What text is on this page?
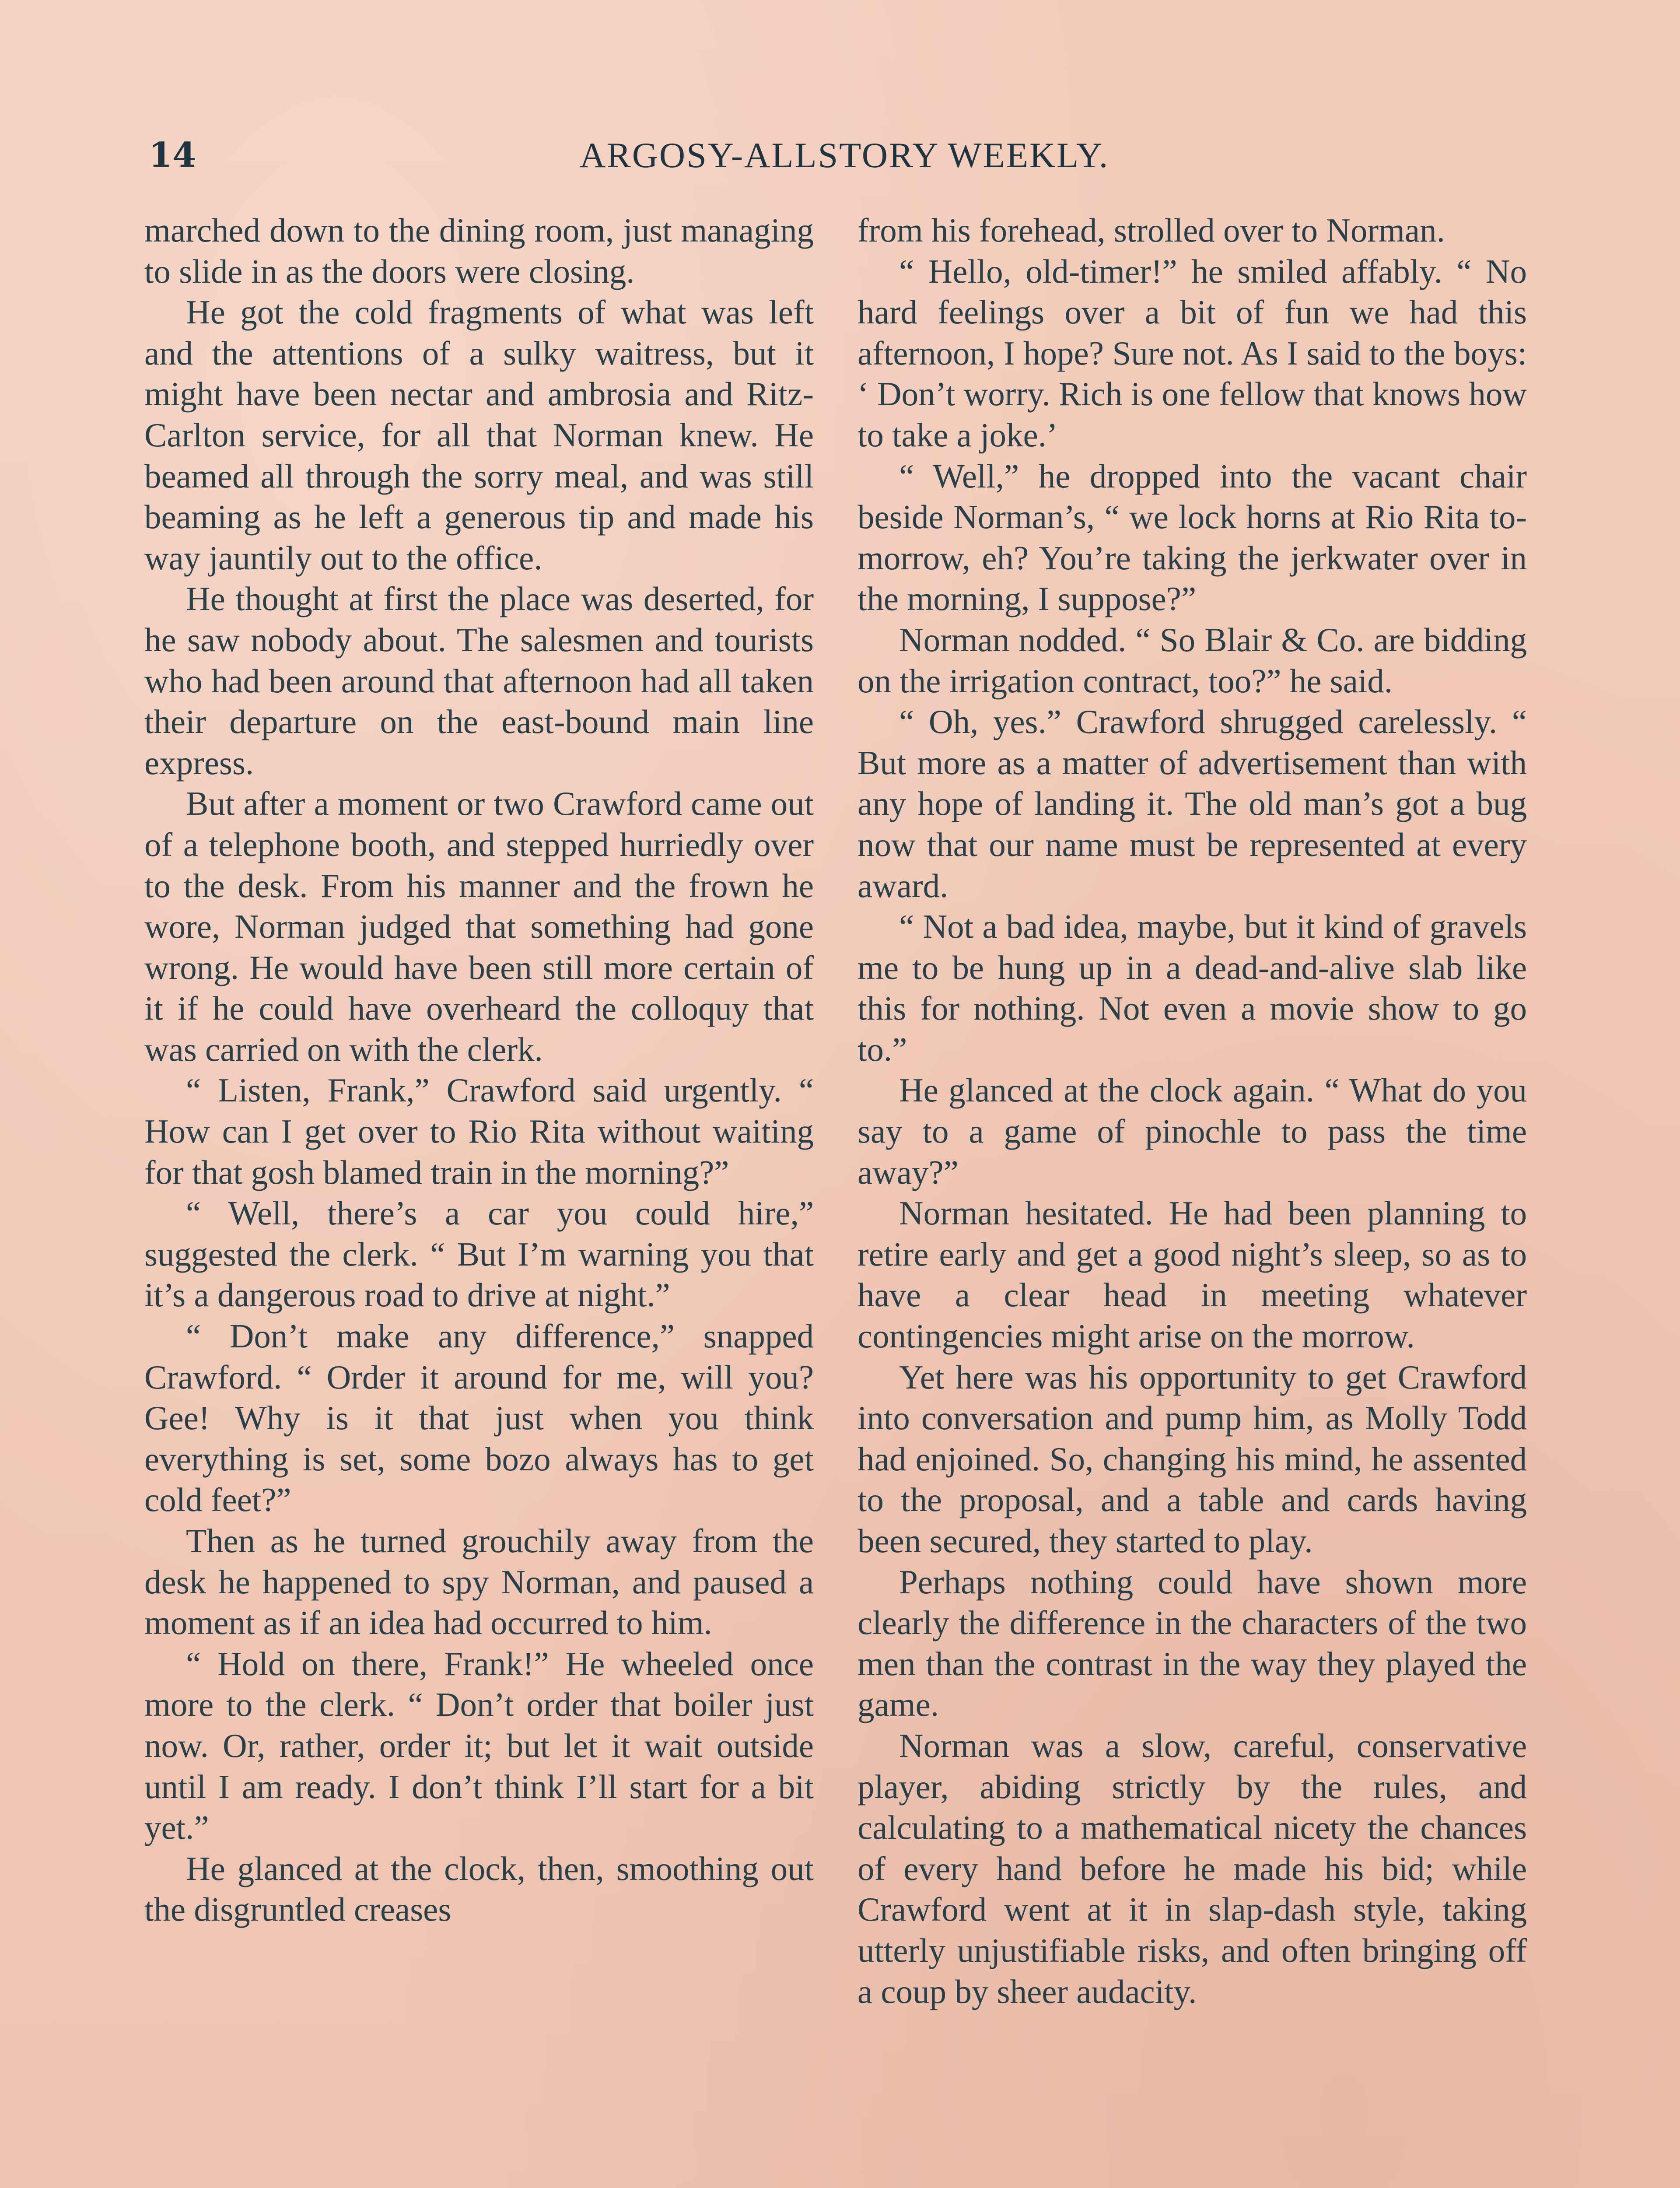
14	ARGOSY-ALLSTORY WEEKLY.

marched down to the dining room, just managing to slide in as the doors were closing.

He got the cold fragments of what was left and the attentions of a sulky waitress, but it might have been nectar and ambrosia and Ritz-Carlton service, for all that Norman knew. He beamed all through the sorry meal, and was still beaming as he left a generous tip and made his way jauntily out to the office.

He thought at first the place was deserted, for he saw nobody about. The salesmen and tourists who had been around that afternoon had all taken their departure on the east-bound main line express.

But after a moment or two Crawford came out of a telephone booth, and stepped hurriedly over to the desk. From his manner and the frown he wore, Norman judged that something had gone wrong. He would have been still more certain of it if he could have overheard the colloquy that was carried on with the clerk.

“ Listen, Frank,” Crawford said urgently. “ How can I get over to Rio Rita without waiting for that gosh blamed train in the morning?”

“ Well, there’s a car you could hire,” suggested the clerk. “ But I’m warning you that it’s a dangerous road to drive at night.”

“ Don’t make any difference,” snapped Crawford. “ Order it around for me, will you? Gee! Why is it that just when you think everything is set, some bozo always has to get cold feet?”

Then as he turned grouchily away from the desk he happened to spy Norman, and paused a moment as if an idea had occurred to him.

“ Hold on there, Frank!” He wheeled once more to the clerk. “ Don’t order that boiler just now. Or, rather, order it; but let it wait outside until I am ready. I don’t think I’ll start for a bit yet.”

He glanced at the clock, then, smoothing out the disgruntled creases

from his forehead, strolled over to Norman.

“ Hello, old-timer!” he smiled affably. “ No hard feelings over a bit of fun we had this afternoon, I hope? Sure not. As I said to the boys: ‘ Don’t worry. Rich is one fellow that knows how to take a joke.’

“ Well,” he dropped into the vacant chair beside Norman’s, “ we lock horns at Rio Rita to-morrow, eh? You’re taking the jerkwater over in the morning, I suppose?”

Norman nodded. “ So Blair & Co. are bidding on the irrigation contract, too?” he said.

“ Oh, yes.” Crawford shrugged carelessly. “ But more as a matter of advertisement than with any hope of landing it. The old man’s got a bug now that our name must be represented at every award.

“ Not a bad idea, maybe, but it kind of gravels me to be hung up in a dead-and-alive slab like this for nothing. Not even a movie show to go to.”

He glanced at the clock again. “ What do you say to a game of pinochle to pass the time away?”

Norman hesitated. He had been planning to retire early and get a good night’s sleep, so as to have a clear head in meeting whatever contingencies might arise on the morrow.

Yet here was his opportunity to get Crawford into conversation and pump him, as Molly Todd had enjoined. So, changing his mind, he assented to the proposal, and a table and cards having been secured, they started to play.

Perhaps nothing could have shown more clearly the difference in the characters of the two men than the contrast in the way they played the game.

Norman was a slow, careful, conservative player, abiding strictly by the rules, and calculating to a mathematical nicety the chances of every hand before he made his bid; while Crawford went at it in slap-dash style, taking utterly unjustifiable risks, and often bringing off a coup by sheer audacity.
